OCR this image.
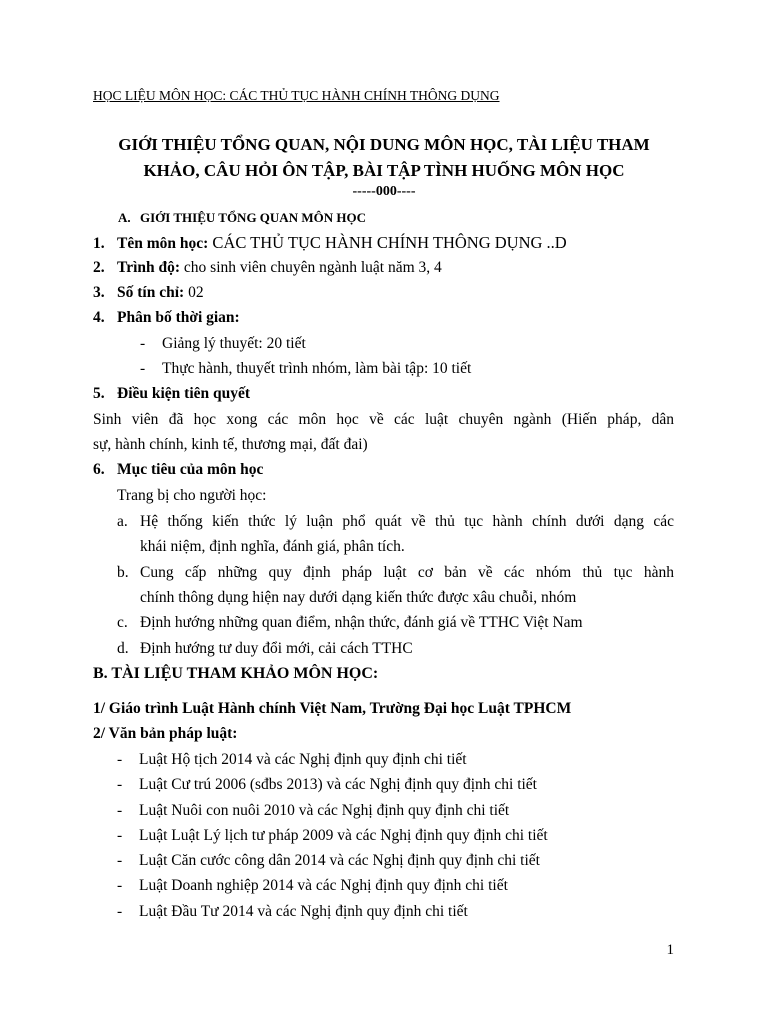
HỌC LIỆU MÔN HỌC: CÁC THỦ TỤC HÀNH CHÍNH THÔNG DỤNG
GIỚI THIỆU TỔNG QUAN, NỘI DUNG MÔN HỌC, TÀI LIỆU THAM
KHẢO, CÂU HỎI ÔN TẬP, BÀI TẬP TÌNH HUỐNG MÔN HỌC
-----000----
A. GIỚI THIỆU TỔNG QUAN MÔN HỌC
1. Tên môn học: CÁC THỦ TỤC HÀNH CHÍNH THÔNG DỤNG ..D
2. Trình độ: cho sinh viên chuyên ngành luật năm 3, 4
3. Số tín chỉ: 02
4. Phân bố thời gian:
- Giảng lý thuyết: 20 tiết
- Thực hành, thuyết trình nhóm, làm bài tập: 10 tiết
5. Điều kiện tiên quyết
Sinh viên đã học xong các môn học về các luật chuyên ngành (Hiến pháp, dân
sự, hành chính, kinh tế, thương mại, đất đai)
6. Mục tiêu của môn học
Trang bị cho người học:
a. Hệ thống kiến thức lý luận phổ quát về thủ tục hành chính dưới dạng các
khái niệm, định nghĩa, đánh giá, phân tích.
b. Cung cấp những quy định pháp luật cơ bản về các nhóm thủ tục hành
chính thông dụng hiện nay dưới dạng kiến thức được xâu chuỗi, nhóm
c. Định hướng những quan điểm, nhận thức, đánh giá về TTHC Việt Nam
d. Định hướng tư duy đổi mới, cải cách TTHC
B. TÀI LIỆU THAM KHẢO MÔN HỌC:
1/ Giáo trình Luật Hành chính Việt Nam, Trường Đại học Luật TPHCM
2/ Văn bản pháp luật:
- Luật Hộ tịch 2014 và các Nghị định quy định chi tiết
- Luật Cư trú 2006 (sđbs 2013) và các Nghị định quy định chi tiết
- Luật Nuôi con nuôi 2010 và các Nghị định quy định chi tiết
- Luật Luật Lý lịch tư pháp 2009 và các Nghị định quy định chi tiết
- Luật Căn cước công dân 2014 và các Nghị định quy định chi tiết
- Luật Doanh nghiệp 2014 và các Nghị định quy định chi tiết
- Luật Đầu Tư 2014 và các Nghị định quy định chi tiết
1
